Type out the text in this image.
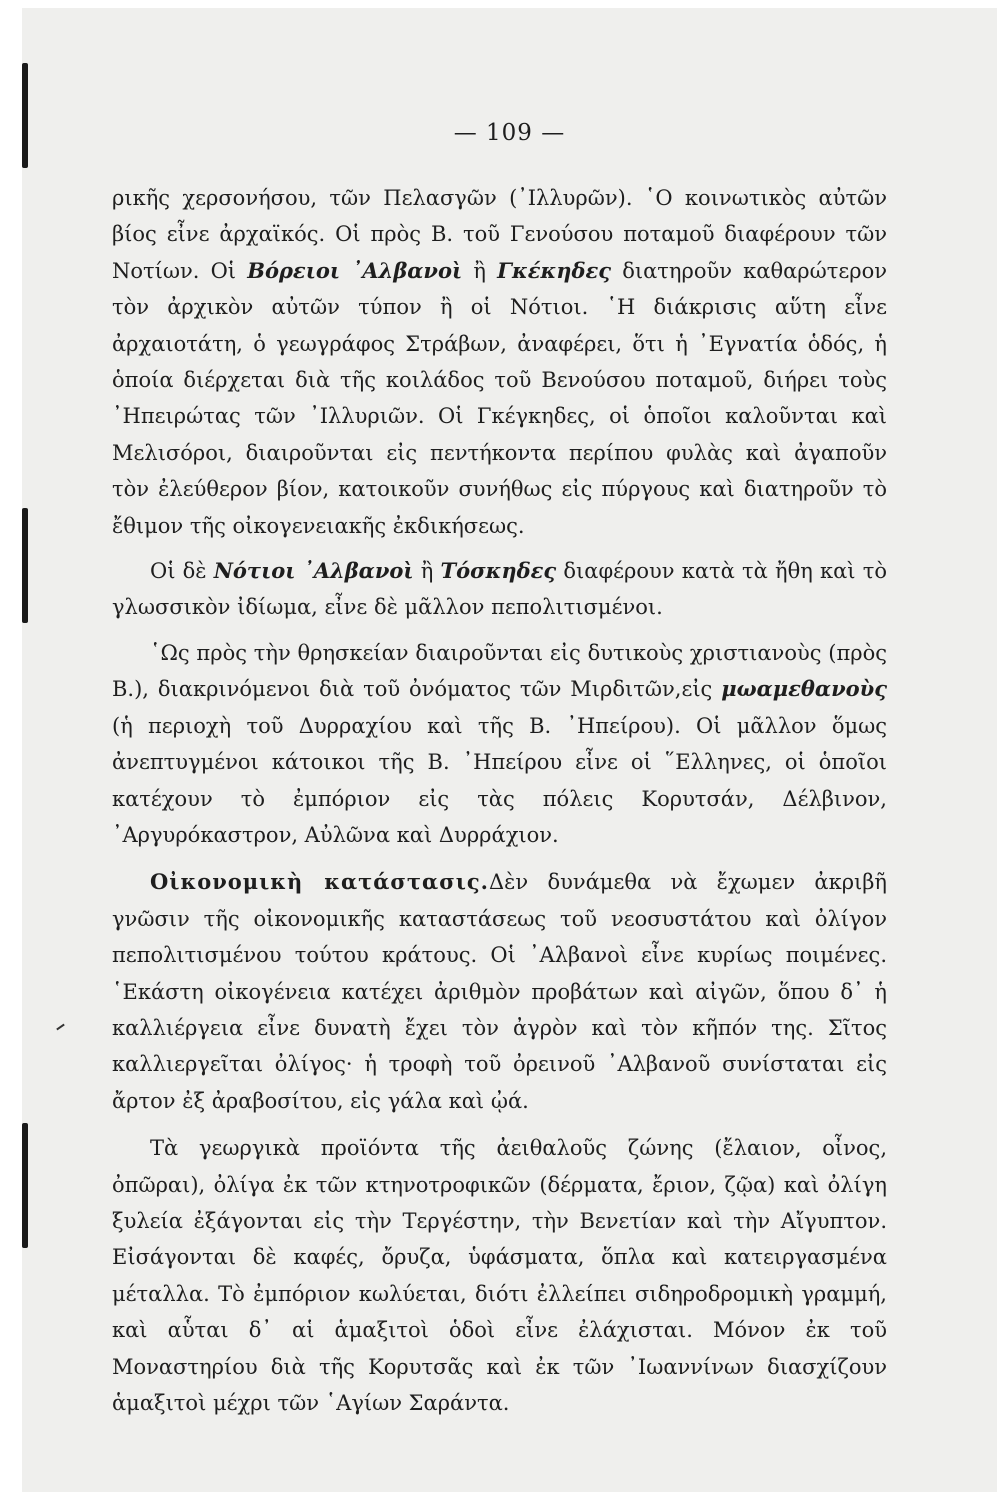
— 109 —

ρικῆς χερσονήσου, τῶν Πελασγῶν (᾽Ιλλυρῶν). ῾Ο κοινωτικὸς αὐτῶν βίος εἶνε ἀρχαϊκός. Οἱ πρὸς Β. τοῦ Γενούσου ποταμοῦ διαφέρουν τῶν Νοτίων. Οἱ Βόρειοι ᾽Αλβανοὶ ἢ Γκέκηδες διατηροῦν καθαρώτερον τὸν ἀρχικὸν αὐτῶν τύπον ἢ οἱ Νότιοι. ῾Η διάκρισις αὕτη εἶνε ἀρχαιοτάτη, ὁ γεωγράφος Στράβων, ἀναφέρει, ὅτι ἡ ᾽Εγνατία ὁδός, ἡ ὁποία διέρχεται διὰ τῆς κοιλάδος τοῦ Βενούσου ποταμοῦ, διήρει τοὺς ᾽Ηπειρώτας τῶν ᾽Ιλλυριῶν. Οἱ Γκέγκηδες, οἱ ὁποῖοι καλοῦνται καὶ Μελισόροι, διαιροῦνται εἰς πεντήκοντα περίπου φυλὰς καὶ ἀγαποῦν τὸν ἐλεύθερον βίον, κατοικοῦν συνήθως εἰς πύργους καὶ διατηροῦν τὸ ἔθιμον τῆς οἰκογενειακῆς ἐκδικήσεως.

Οἱ δὲ Νότιοι ᾽Αλβανοὶ ἢ Τόσκηδες διαφέρουν κατὰ τὰ ἤθη καὶ τὸ γλωσσικὸν ἰδίωμα, εἶνε δὲ μᾶλλον πεπολιτισμένοι.

῾Ως πρὸς τὴν θρησκείαν διαιροῦνται εἰς δυτικοὺς χριστιανοὺς (πρὸς Β.), διακρινόμενοι διὰ τοῦ ὀνόματος τῶν Μιρδιτῶν,εἰς μωαμεθανοὺς (ἡ περιοχὴ τοῦ Δυρραχίου καὶ τῆς Β. ᾽Ηπείρου). Οἱ μᾶλλον ὅμως ἀνεπτυγμένοι κάτοικοι τῆς Β. ᾽Ηπείρου εἶνε οἱ ῞Ελληνες, οἱ ὁποῖοι κατέχουν τὸ ἐμπόριον εἰς τὰς πόλεις Κορυτσάν, Δέλβινον, ᾽Αργυρόκαστρον, Αὐλῶνα καὶ Δυρράχιον.

Οἰκονομικὴ κατάστασις.Δὲν δυνάμεθα νὰ ἔχωμεν ἀκριβῆ γνῶσιν τῆς οἰκονομικῆς καταστάσεως τοῦ νεοσυστάτου καὶ ὀλίγον πεπολιτισμένου τούτου κράτους. Οἱ ᾽Αλβανοὶ εἶνε κυρίως ποιμένες. ῾Εκάστη οἰκογένεια κατέχει ἀριθμὸν προβάτων καὶ αἰγῶν, ὅπου δ᾽ ἡ καλλιέργεια εἶνε δυνατὴ ἔχει τὸν ἀγρὸν καὶ τὸν κῆπόν της. Σῖτος καλλιεργεῖται ὀλίγος· ἡ τροφὴ τοῦ ὀρεινοῦ ᾽Αλβανοῦ συνίσταται εἰς ἄρτον ἐξ ἀραβοσίτου, εἰς γάλα καὶ ᾠά.

Τὰ γεωργικὰ προϊόντα τῆς ἀειθαλοῦς ζώνης (ἔλαιον, οἶνος, ὀπῶραι), ὀλίγα ἐκ τῶν κτηνοτροφικῶν (δέρματα, ἔριον, ζῷα) καὶ ὀλίγη ξυλεία ἐξάγονται εἰς τὴν Τεργέστην, τὴν Βενετίαν καὶ τὴν Αἴγυπτον. Εἰσάγονται δὲ καφές, ὄρυζα, ὑφάσματα, ὅπλα καὶ κατειργασμένα μέταλλα. Τὸ ἐμπόριον κωλύεται, διότι ἐλλείπει σιδηροδρομικὴ γραμμή, καὶ αὗται δ᾽ αἱ ἁμαξιτοὶ ὁδοὶ εἶνε ἐλάχισται. Μόνον ἐκ τοῦ Μοναστηρίου διὰ τῆς Κορυτσᾶς καὶ ἐκ τῶν ᾽Ιωαννίνων διασχίζουν ἁμαξιτοὶ μέχρι τῶν ῾Αγίων Σαράντα.
